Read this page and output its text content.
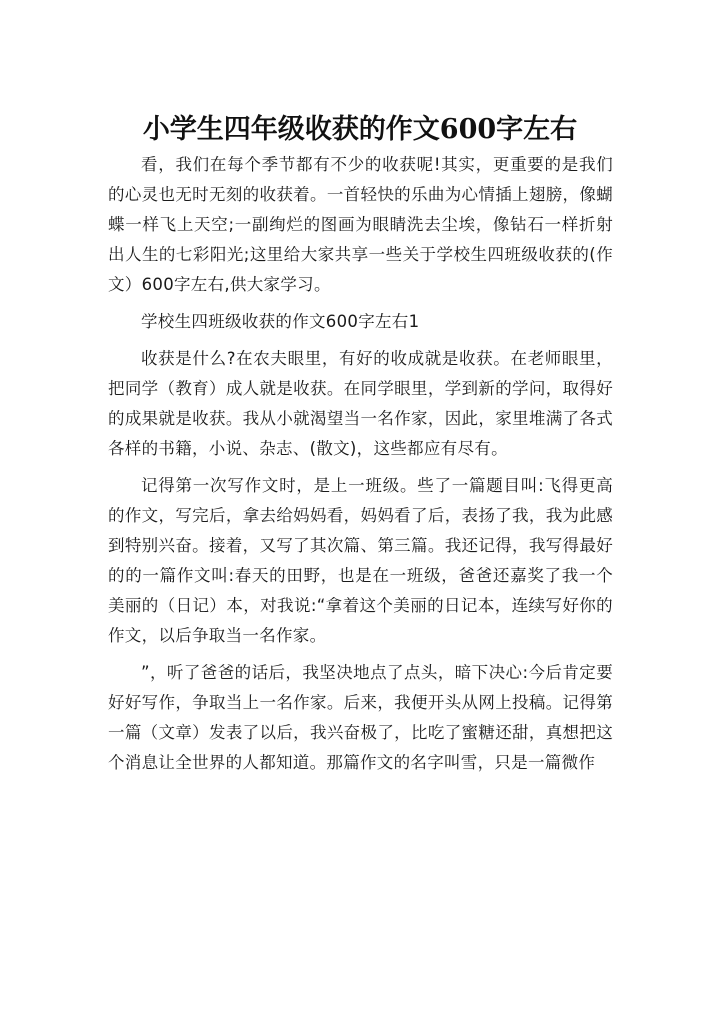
小学生四年级收获的作文600字左右

看，我们在每个季节都有不少的收获呢!其实，更重要的是我们的心灵也无时无刻的收获着。一首轻快的乐曲为心情插上翅膀，像蝴蝶一样飞上天空;一副绚烂的图画为眼睛洗去尘埃，像钻石一样折射出人生的七彩阳光;这里给大家共享一些关于学校生四班级收获的(作文）600字左右,供大家学习。

学校生四班级收获的作文600字左右1

收获是什么?在农夫眼里，有好的收成就是收获。在老师眼里，把同学（教育）成人就是收获。在同学眼里，学到新的学问，取得好的成果就是收获。我从小就渴望当一名作家，因此，家里堆满了各式各样的书籍，小说、杂志、(散文)，这些都应有尽有。

记得第一次写作文时，是上一班级。些了一篇题目叫:飞得更高的作文，写完后，拿去给妈妈看，妈妈看了后，表扬了我，我为此感到特别兴奋。接着，又写了其次篇、第三篇。我还记得，我写得最好的的一篇作文叫:春天的田野，也是在一班级，爸爸还嘉奖了我一个美丽的（日记）本，对我说:“拿着这个美丽的日记本，连续写好你的作文，以后争取当一名作家。

”，听了爸爸的话后，我坚决地点了点头，暗下决心:今后肯定要好好写作，争取当上一名作家。后来，我便开头从网上投稿。记得第一篇（文章）发表了以后，我兴奋极了，比吃了蜜糖还甜，真想把这个消息让全世界的人都知道。那篇作文的名字叫雪，只是一篇微作
